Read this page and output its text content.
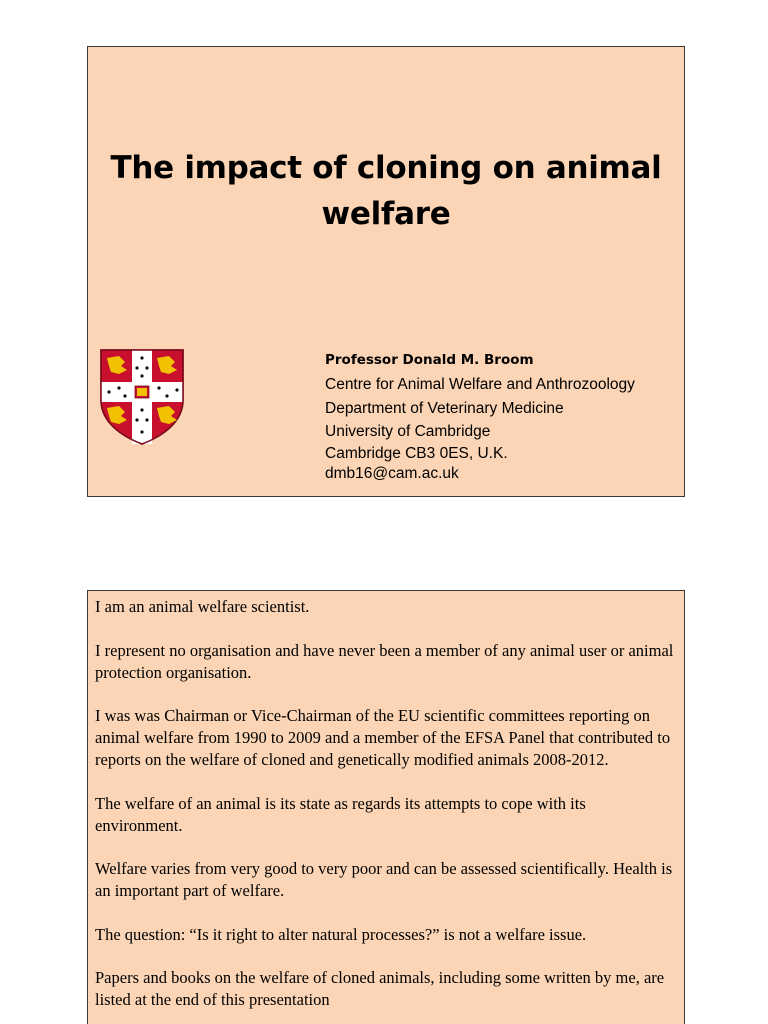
The impact of cloning on animal
welfare
Professor Donald M. Broom
Centre for Animal Welfare and Anthrozoology
Department of Veterinary Medicine
University of Cambridge
Cambridge CB3 0ES, U.K.
dmb16@cam.ac.uk

I am an animal welfare scientist.

I represent no organisation and have never been a member of any animal user or animal protection organisation.

I was was Chairman or Vice-Chairman of the EU scientific committees reporting on animal welfare from 1990 to 2009 and a member of the EFSA Panel that contributed to reports on the welfare of cloned and genetically modified animals 2008-2012.

The welfare of an animal is its state as regards its attempts to cope with its environment.

Welfare varies from very good to very poor and can be assessed scientifically. Health is an important part of welfare.

The question: “Is it right to alter natural processes?” is not a welfare issue.

Papers and books on the welfare of cloned animals, including some written by me, are listed at the end of this presentation
